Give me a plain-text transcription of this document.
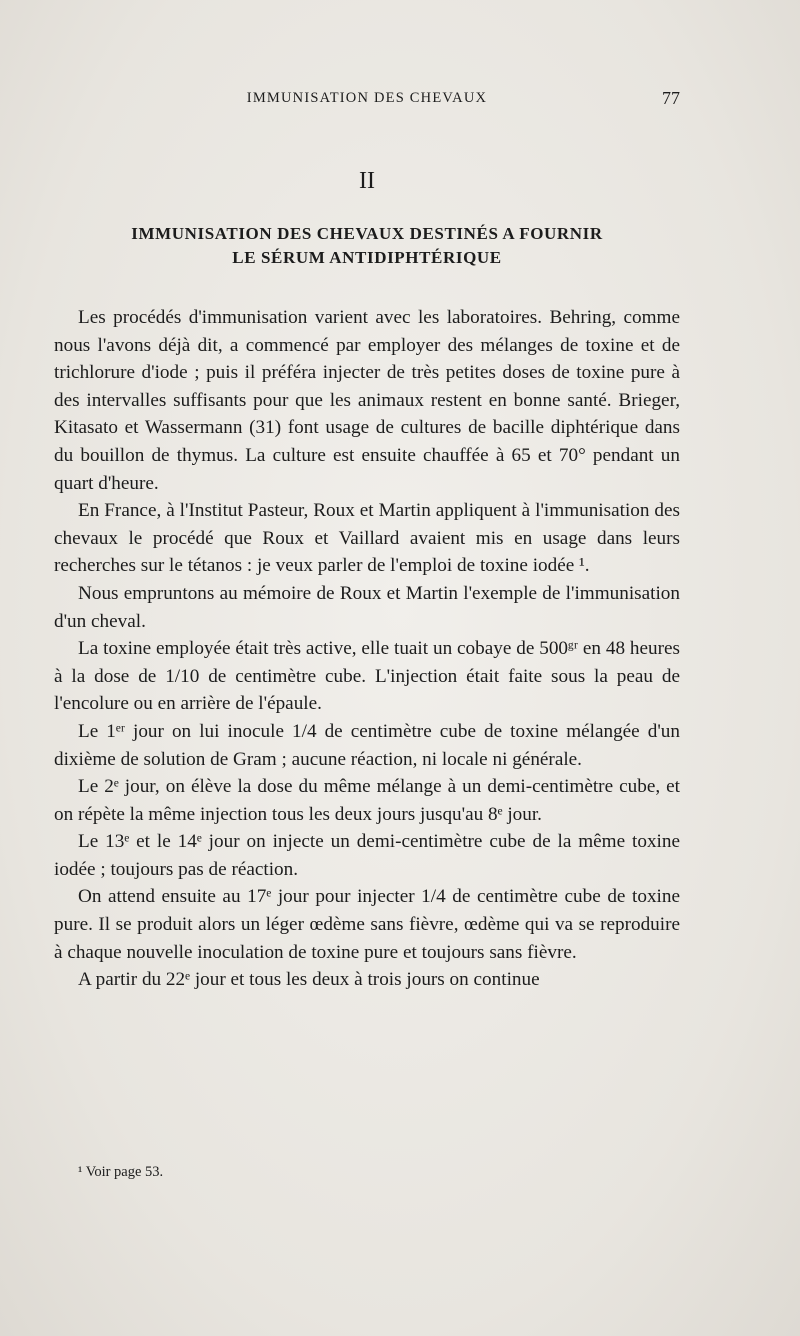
IMMUNISATION DES CHEVAUX	77
II
IMMUNISATION DES CHEVAUX DESTINÉS A FOURNIR
LE SÉRUM ANTIDIPHTÉRIQUE

Les procédés d'immunisation varient avec les laboratoires. Behring, comme nous l'avons déjà dit, a commencé par employer des mélanges de toxine et de trichlorure d'iode ; puis il préféra injecter de très petites doses de toxine pure à des intervalles suffisants pour que les animaux restent en bonne santé. Brieger, Kitasato et Wassermann (31) font usage de cultures de bacille diphtérique dans du bouillon de thymus. La culture est ensuite chauffée à 65 et 70° pendant un quart d'heure.

En France, à l'Institut Pasteur, Roux et Martin appliquent à l'immunisation des chevaux le procédé que Roux et Vaillard avaient mis en usage dans leurs recherches sur le tétanos : je veux parler de l'emploi de toxine iodée ¹.

Nous empruntons au mémoire de Roux et Martin l'exemple de l'immunisation d'un cheval.

La toxine employée était très active, elle tuait un cobaye de 500ᵍʳ en 48 heures à la dose de 1/10 de centimètre cube. L'injection était faite sous la peau de l'encolure ou en arrière de l'épaule.

Le 1ᵉʳ jour on lui inocule 1/4 de centimètre cube de toxine mélangée d'un dixième de solution de Gram ; aucune réaction, ni locale ni générale.

Le 2ᵉ jour, on élève la dose du même mélange à un demi-centimètre cube, et on répète la même injection tous les deux jours jusqu'au 8ᵉ jour.

Le 13ᵉ et le 14ᵉ jour on injecte un demi-centimètre cube de la même toxine iodée ; toujours pas de réaction.

On attend ensuite au 17ᵉ jour pour injecter 1/4 de centimètre cube de toxine pure. Il se produit alors un léger œdème sans fièvre, œdème qui va se reproduire à chaque nouvelle inoculation de toxine pure et toujours sans fièvre.

A partir du 22ᵉ jour et tous les deux à trois jours on continue

¹ Voir page 53.
